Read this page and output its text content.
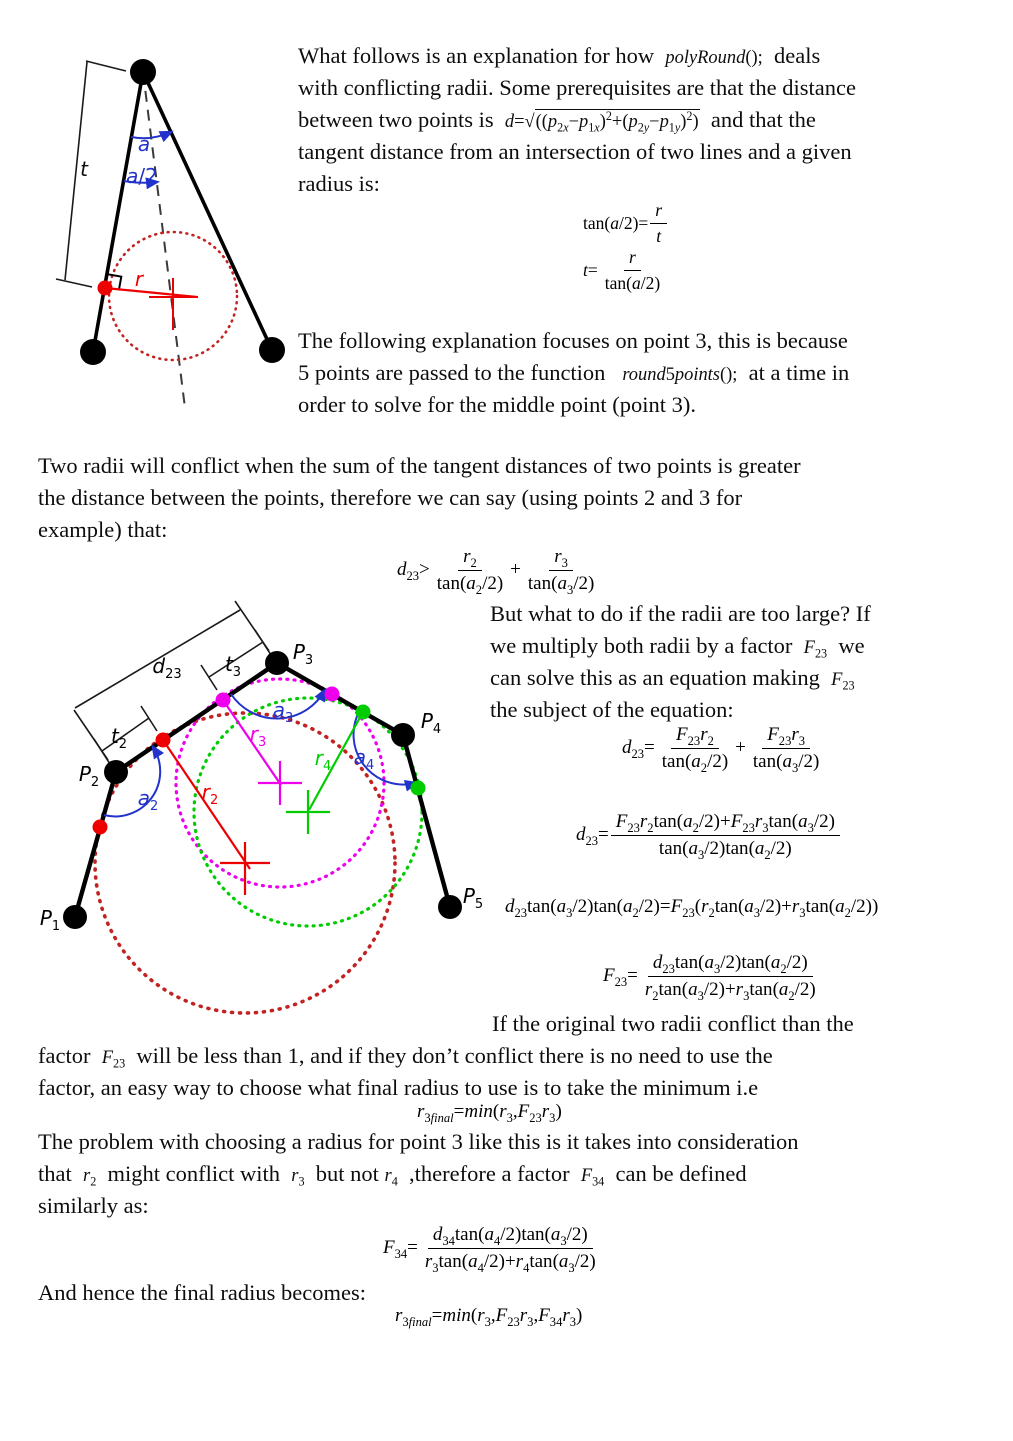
t
a
a/2
r
$P_1$
$P_2$
$P_3$
$P_4$
$P_5$
$d_{23}$
$t_2$
$t_3$
$a_2$
$a_3$
$a_4$
$r_2$
$r_3$
$r_4$
What follows is an explanation for how  polyRound();  deals
with conflicting radii. Some prerequisites are that the distance
between two points is  $d=√((p_{2x}-p_{1x})^2+(p_{2y}-p_{1y})^2)$  and that the
tangent distance from an intersection of two lines and a given
radius is:
The following explanation focuses on point 3, this is because
5 points are passed to the function   round5points();  at a time in
order to solve for the middle point (point 3).
Two radii will conflict when the sum of the tangent distances of two points is greater
the distance between the points, therefore we can say (using points 2 and 3 for
example) that:
But what to do if the radii are too large? If
we multiply both radii by a factor  $F_{23}$  we
can solve this as an equation making  $F_{23}$
the subject of the equation:
If the original two radii conflict than the
factor  $F_{23}$  will be less than 1, and if they don’t conflict there is no need to use the
factor, an easy way to choose what final radius to use is to take the minimum i.e
The problem with choosing a radius for point 3 like this is it takes into consideration
that  $r_2$  might conflict with  $r_3$  but not $r_4$  ,therefore a factor  $F_{34}$  can be defined
similarly as:
And hence the final radius becomes:
$\tan(a/2)= \frac{r}{t}$
$t= \frac{r}{\tan(a/2)}$
$d_{23}> \frac{r_2}{\tan(a_2/2)} + \frac{r_3}{\tan(a_3/2)}$
$d_{23}= \frac{F_{23}r_2}{\tan(a_2/2)} + \frac{F_{23}r_3}{\tan(a_3/2)}$
$d_{23}= \frac{F_{23}r_2\tan(a_2/2)+F_{23}r_3\tan(a_3/2)}{\tan(a_3/2)\tan(a_2/2)}$
$d_{23}\tan(a_3/2)\tan(a_2/2)=F_{23}(r_2\tan(a_3/2)+r_3\tan(a_2/2))$
$F_{23}= \frac{d_{23}\tan(a_3/2)\tan(a_2/2)}{r_2\tan(a_3/2)+r_3\tan(a_2/2)}$
$r_{3final}=\min(r_3,F_{23}r_3)$
$F_{34}= \frac{d_{34}\tan(a_4/2)\tan(a_3/2)}{r_3\tan(a_4/2)+r_4\tan(a_3/2)}$
$r_{3final}=\min(r_3,F_{23}r_3,F_{34}r_3)$
